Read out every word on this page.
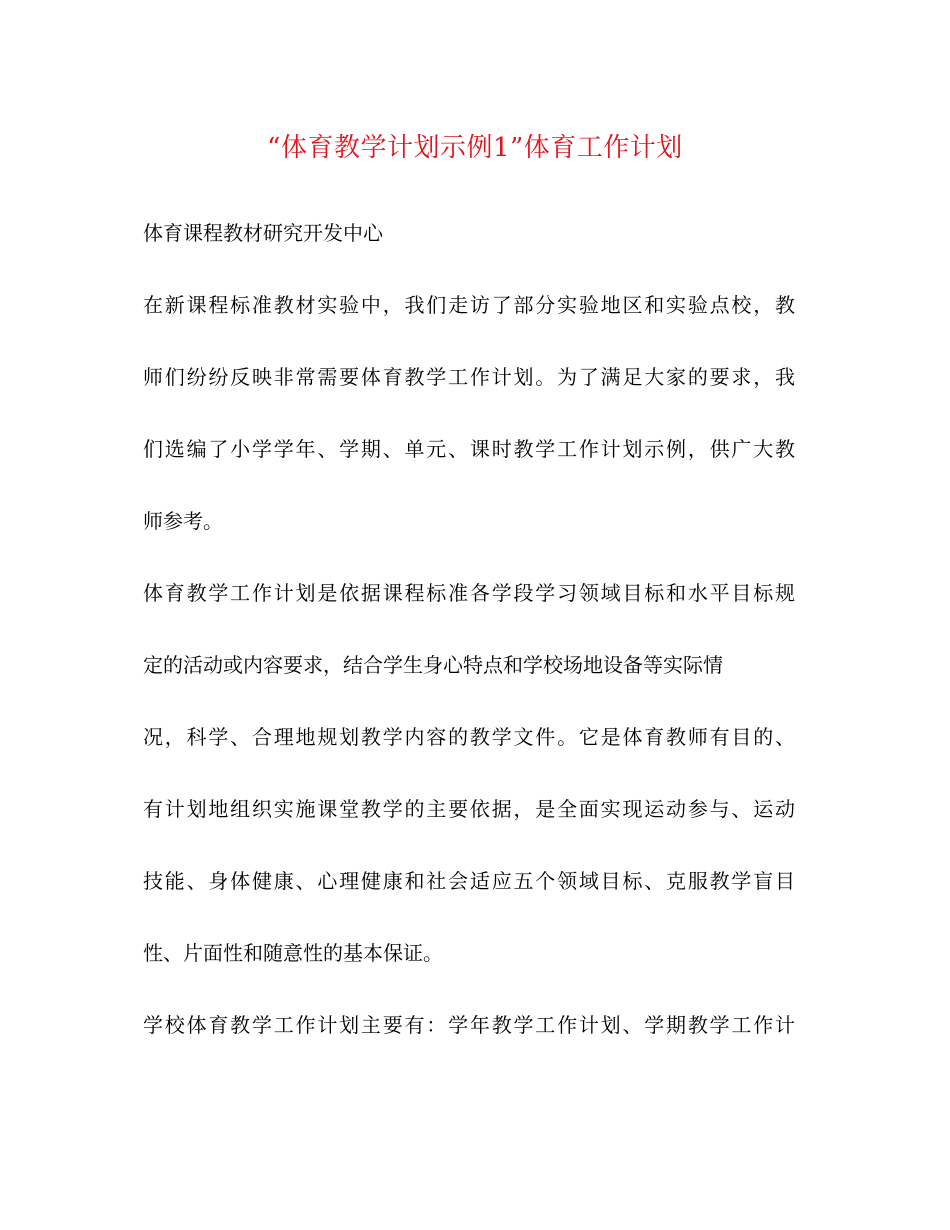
“体育教学计划示例1”体育工作计划
体育课程教材研究开发中心
在新课程标准教材实验中，我们走访了部分实验地区和实验点校，教
师们纷纷反映非常需要体育教学工作计划。为了满足大家的要求，我
们选编了小学学年、学期、单元、课时教学工作计划示例，供广大教
师参考。
体育教学工作计划是依据课程标准各学段学习领域目标和水平目标规
定的活动或内容要求，结合学生身心特点和学校场地设备等实际情
况，科学、合理地规划教学内容的教学文件。它是体育教师有目的、
有计划地组织实施课堂教学的主要依据，是全面实现运动参与、运动
技能、身体健康、心理健康和社会适应五个领域目标、克服教学盲目
性、片面性和随意性的基本保证。
学校体育教学工作计划主要有：学年教学工作计划、学期教学工作计
